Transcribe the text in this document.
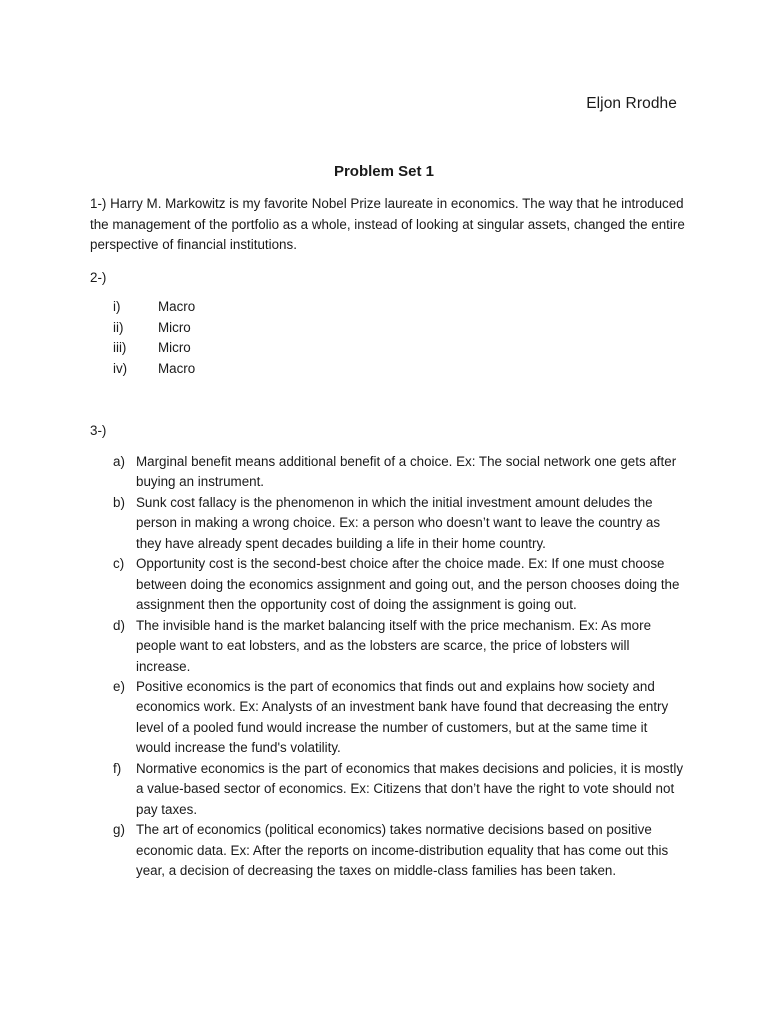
Eljon Rrodhe
Problem Set 1

1-) Harry M. Markowitz is my favorite Nobel Prize laureate in economics. The way that he introduced the management of the portfolio as a whole, instead of looking at singular assets, changed the entire perspective of financial institutions.

2-)
i)	Macro
ii)	Micro
iii)	Micro
iv)	Macro
3-)
a) Marginal benefit means additional benefit of a choice. Ex: The social network one gets after buying an instrument.
b) Sunk cost fallacy is the phenomenon in which the initial investment amount deludes the person in making a wrong choice. Ex: a person who doesn’t want to leave the country as they have already spent decades building a life in their home country.
c) Opportunity cost is the second-best choice after the choice made. Ex: If one must choose between doing the economics assignment and going out, and the person chooses doing the assignment then the opportunity cost of doing the assignment is going out.
d) The invisible hand is the market balancing itself with the price mechanism. Ex: As more people want to eat lobsters, and as the lobsters are scarce, the price of lobsters will increase.
e) Positive economics is the part of economics that finds out and explains how society and economics work. Ex: Analysts of an investment bank have found that decreasing the entry level of a pooled fund would increase the number of customers, but at the same time it would increase the fund's volatility.
f)	Normative economics is the part of economics that makes decisions and policies, it is mostly a value-based sector of economics. Ex: Citizens that don’t have the right to vote should not pay taxes.
g) The art of economics (political economics) takes normative decisions based on positive economic data. Ex: After the reports on income-distribution equality that has come out this year, a decision of decreasing the taxes on middle-class families has been taken.
